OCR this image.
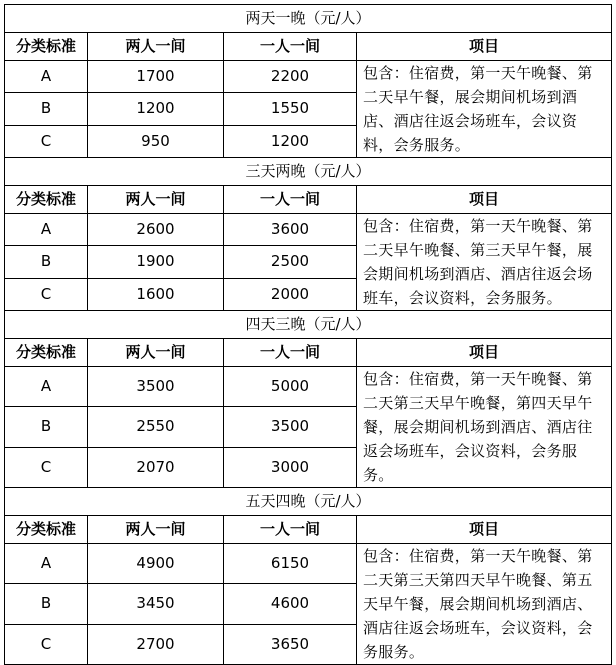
两天一晚（元/人）			
分类标准	两人一间	一人一间	项目
A	1700	2200	包含：住宿费，第一天午晚餐、第二天早午餐，展会期间机场到酒店、酒店往返会场班车，会议资料，会务服务。
B	1200	1550	
C	950	1200	
三天两晚（元/人）			
分类标准	两人一间	一人一间	项目
A	2600	3600	包含：住宿费，第一天午晚餐、第二天早午晚餐、第三天早午餐，展会期间机场到酒店、酒店往返会场班车，会议资料，会务服务。
B	1900	2500	
C	1600	2000	
四天三晚（元/人）			
分类标准	两人一间	一人一间	项目
A	3500	5000	包含：住宿费，第一天午晚餐、第二天第三天早午晚餐，第四天早午餐，展会期间机场到酒店、酒店往返会场班车，会议资料，会务服务。
B	2550	3500	
C	2070	3000	
五天四晚（元/人）			
分类标准	两人一间	一人一间	项目
A	4900	6150	包含：住宿费，第一天午晚餐、第二天第三天第四天早午晚餐、第五天早午餐，展会期间机场到酒店、酒店往返会场班车，会议资料，会务服务。
B	3450	4600	
C	2700	3650	
